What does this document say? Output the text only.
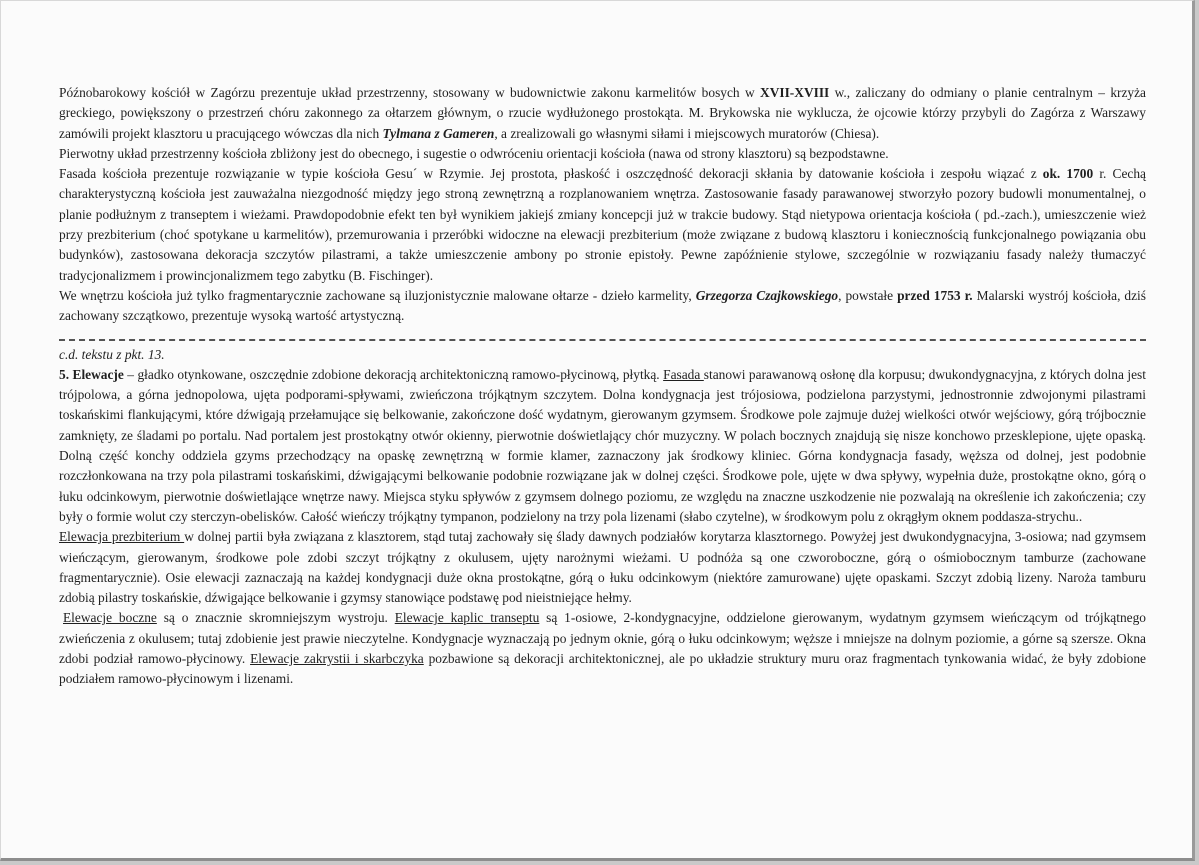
Późnobarokowy kościół w Zagórzu prezentuje układ przestrzenny, stosowany w budownictwie zakonu karmelitów bosych w XVII-XVIII w., zaliczany do odmiany o planie centralnym – krzyża greckiego, powiększony o przestrzeń chóru zakonnego za ołtarzem głównym, o rzucie wydłużonego prostokąta. M. Brykowska nie wyklucza, że ojcowie którzy przybyli do Zagórza z Warszawy zamówili projekt klasztoru u pracującego wówczas dla nich Tylmana z Gameren, a zrealizowali go własnymi siłami i miejscowych muratorów (Chiesa).

Pierwotny układ przestrzenny kościoła zbliżony jest do obecnego, i sugestie o odwróceniu orientacji kościoła (nawa od strony klasztoru) są bezpodstawne.

Fasada kościoła prezentuje rozwiązanie w typie kościoła Gesu´ w Rzymie. Jej prostota, płaskość i oszczędność dekoracji skłania by datowanie kościoła i zespołu wiązać z ok. 1700 r. Cechą charakterystyczną kościoła jest zauważalna niezgodność między jego stroną zewnętrzną a rozplanowaniem wnętrza. Zastosowanie fasady parawanowej stworzyło pozory budowli monumentalnej, o planie podłużnym z transeptem i wieżami. Prawdopodobnie efekt ten był wynikiem jakiejś zmiany koncepcji już w trakcie budowy. Stąd nietypowa orientacja kościoła ( pd.-zach.), umieszczenie wież przy prezbiterium (choć spotykane u karmelitów), przemurowania i przeróbki widoczne na elewacji prezbiterium (może związane z budową klasztoru i koniecznością funkcjonalnego powiązania obu budynków), zastosowana dekoracja szczytów pilastrami, a także umieszczenie ambony po stronie epistoły. Pewne zapóźnienie stylowe, szczególnie w rozwiązaniu fasady należy tłumaczyć tradycjonalizmem i prowincjonalizmem tego zabytku (B. Fischinger).

We wnętrzu kościoła już tylko fragmentarycznie zachowane są iluzjonistycznie malowane ołtarze - dzieło karmelity, Grzegorza Czajkowskiego, powstałe przed 1753 r. Malarski wystrój kościoła, dziś zachowany szczątkowo, prezentuje wysoką wartość artystyczną.

c.d. tekstu z pkt. 13.

5. Elewacje – gładko otynkowane, oszczędnie zdobione dekoracją architektoniczną ramowo-płycinową, płytką. Fasada stanowi parawanową osłonę dla korpusu; dwukondygnacyjna, z których dolna jest trójpolowa, a górna jednopolowa, ujęta podporami-spływami, zwieńczona trójkątnym szczytem. Dolna kondygnacja jest trójosiowa, podzielona parzystymi, jednostronnie zdwojonymi pilastrami toskańskimi flankującymi, które dźwigają przełamujące się belkowanie, zakończone dość wydatnym, gierowanym gzymsem. Środkowe pole zajmuje dużej wielkości otwór wejściowy, górą trójbocznie zamknięty, ze śladami po portalu. Nad portalem jest prostokątny otwór okienny, pierwotnie doświetlający chór muzyczny. W polach bocznych znajdują się nisze konchowo przesklepione, ujęte opaską. Dolną część konchy oddziela gzyms przechodzący na opaskę zewnętrzną w formie klamer, zaznaczony jak środkowy kliniec. Górna kondygnacja fasady, węższa od dolnej, jest podobnie rozczłonkowana na trzy pola pilastrami toskańskimi, dźwigającymi belkowanie podobnie rozwiązane jak w dolnej części. Środkowe pole, ujęte w dwa spływy, wypełnia duże, prostokątne okno, górą o łuku odcinkowym, pierwotnie doświetlające wnętrze nawy. Miejsca styku spływów z gzymsem dolnego poziomu, ze względu na znaczne uszkodzenie nie pozwalają na określenie ich zakończenia; czy były o formie wolut czy sterczyn-obelisków. Całość wieńczy trójkątny tympanon, podzielony na trzy pola lizenami (słabo czytelne), w środkowym polu z okrągłym oknem poddasza-strychu..

Elewacja prezbiterium w dolnej partii była związana z klasztorem, stąd tutaj zachowały się ślady dawnych podziałów korytarza klasztornego. Powyżej jest dwukondygnacyjna, 3-osiowa; nad gzymsem wieńczącym, gierowanym, środkowe pole zdobi szczyt trójkątny z okulusem, ujęty narożnymi wieżami. U podnóża są one czworoboczne, górą o ośmiobocznym tamburze (zachowane fragmentarycznie). Osie elewacji zaznaczają na każdej kondygnacji duże okna prostokątne, górą o łuku odcinkowym (niektóre zamurowane) ujęte opaskami. Szczyt zdobią lizeny. Naroża tamburu zdobią pilastry toskańskie, dźwigające belkowanie i gzymsy stanowiące podstawę pod nieistniejące hełmy.

Elewacje boczne są o znacznie skromniejszym wystroju. Elewacje kaplic transeptu są 1-osiowe, 2-kondygnacyjne, oddzielone gierowanym, wydatnym gzymsem wieńczącym od trójkątnego zwieńczenia z okulusem; tutaj zdobienie jest prawie nieczytelne. Kondygnacje wyznaczają po jednym oknie, górą o łuku odcinkowym; węższe i mniejsze na dolnym poziomie, a górne są szersze. Okna zdobi podział ramowo-płycinowy. Elewacje zakrystii i skarbczyka pozbawione są dekoracji architektonicznej, ale po układzie struktury muru oraz fragmentach tynkowania widać, że były zdobione podziałem ramowo-płycinowym i lizenami.
